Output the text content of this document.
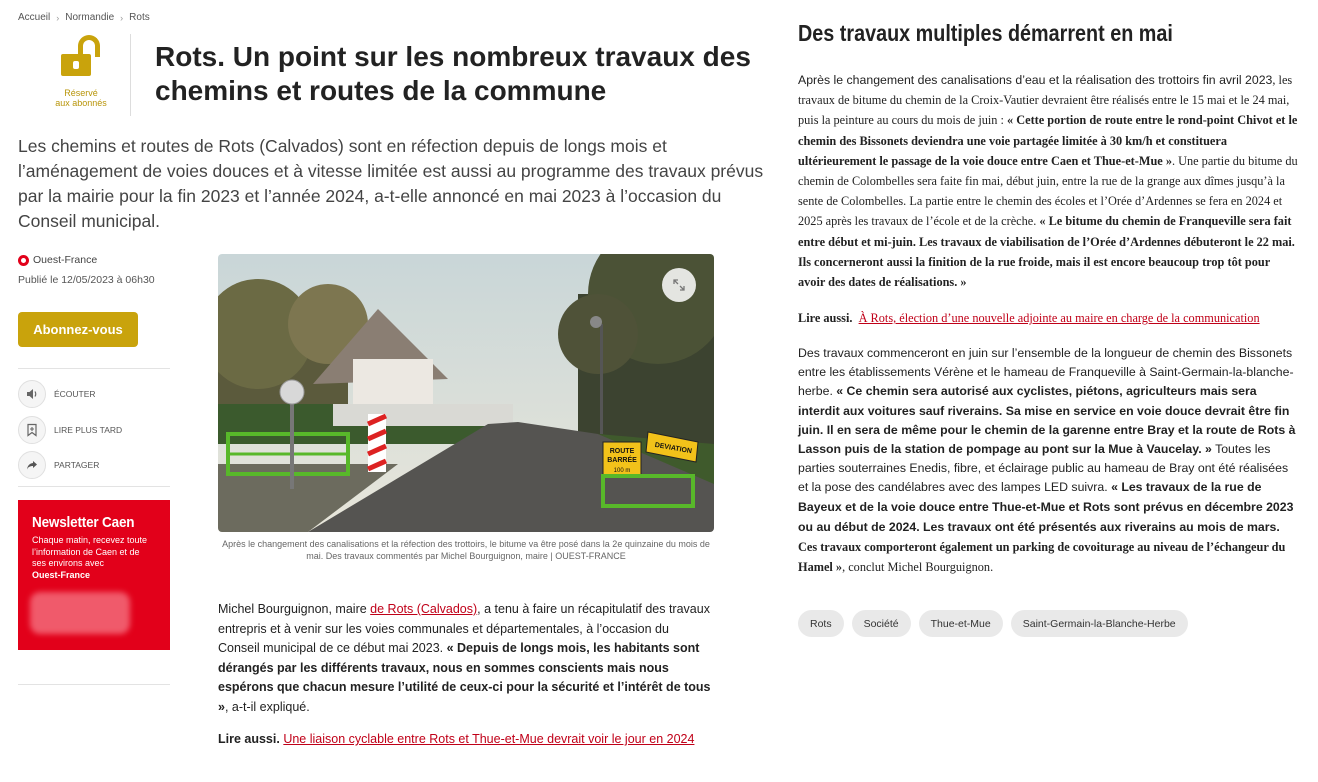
Accueil › Normandie › Rots
Réservé
aux abonnés
Rots. Un point sur les nombreux travaux des chemins et routes de la commune

Les chemins et routes de Rots (Calvados) sont en réfection depuis de longs mois et l’aménagement de voies douces et à vitesse limitée est aussi au programme des travaux prévus par la mairie pour la fin 2023 et l’année 2024, a-t-elle annoncé en mai 2023 à l’occasion du Conseil municipal.

Ouest-France
Publié le 12/05/2023 à 06h30
Abonnez-vous
ÉCOUTER
LIRE PLUS TARD
PARTAGER
Newsletter Caen
Chaque matin, recevez toute l’information de Caen et de ses environs avec
Ouest-France
ROUTE
BARRÉE
100 m
DEVIATION
Après le changement des canalisations et la réfection des trottoirs, le bitume va être posé dans la 2e quinzaine du mois de mai. Des travaux commentés par Michel Bourguignon, maire | OUEST-FRANCE

Michel Bourguignon, maire de Rots (Calvados), a tenu à faire un récapitulatif des travaux entrepris et à venir sur les voies communales et départementales, à l’occasion du Conseil municipal de ce début mai 2023. « Depuis de longs mois, les habitants sont dérangés par les différents travaux, nous en sommes conscients mais nous espérons que chacun mesure l’utilité de ceux-ci pour la sécurité et l’intérêt de tous », a-t-il expliqué.

Lire aussi. Une liaison cyclable entre Rots et Thue-et-Mue devrait voir le jour en 2024

Des travaux multiples démarrent en mai

Après le changement des canalisations d’eau et la réalisation des trottoirs fin avril 2023, les travaux de bitume du chemin de la Croix-Vautier devraient être réalisés entre le 15 mai et le 24 mai, puis la peinture au cours du mois de juin : « Cette portion de route entre le rond-point Chivot et le chemin des Bissonets deviendra une voie partagée limitée à 30 km/h et constituera ultérieurement le passage de la voie douce entre Caen et Thue-et-Mue ». Une partie du bitume du chemin de Colombelles sera faite fin mai, début juin, entre la rue de la grange aux dîmes jusqu’à la sente de Colombelles. La partie entre le chemin des écoles et l’Orée d’Ardennes se fera en 2024 et 2025 après les travaux de l’école et de la crèche. « Le bitume du chemin de Franqueville sera fait entre début et mi-juin. Les travaux de viabilisation de l’Orée d’Ardennes débuteront le 22 mai. Ils concerneront aussi la finition de la rue froide, mais il est encore beaucoup trop tôt pour avoir des dates de réalisations. »

Lire aussi. À Rots, élection d’une nouvelle adjointe au maire en charge de la communication

Des travaux commenceront en juin sur l’ensemble de la longueur de chemin des Bissonets entre les établissements Vérène et le hameau de Franqueville à Saint-Germain-la-blanche-herbe. « Ce chemin sera autorisé aux cyclistes, piétons, agriculteurs mais sera interdit aux voitures sauf riverains. Sa mise en service en voie douce devrait être fin juin. Il en sera de même pour le chemin de la garenne entre Bray et la route de Rots à Lasson puis de la station de pompage au pont sur la Mue à Vaucelay. » Toutes les parties souterraines Enedis, fibre, et éclairage public au hameau de Bray ont été réalisées et la pose des candélabres avec des lampes LED suivra. « Les travaux de la rue de Bayeux et de la voie douce entre Thue-et-Mue et Rots sont prévus en décembre 2023 ou au début de 2024. Les travaux ont été présentés aux riverains au mois de mars. Ces travaux comporteront également un parking de covoiturage au niveau de l’échangeur du Hamel », conclut Michel Bourguignon.

Rots	Société	Thue-et-Mue	Saint-Germain-la-Blanche-Herbe
